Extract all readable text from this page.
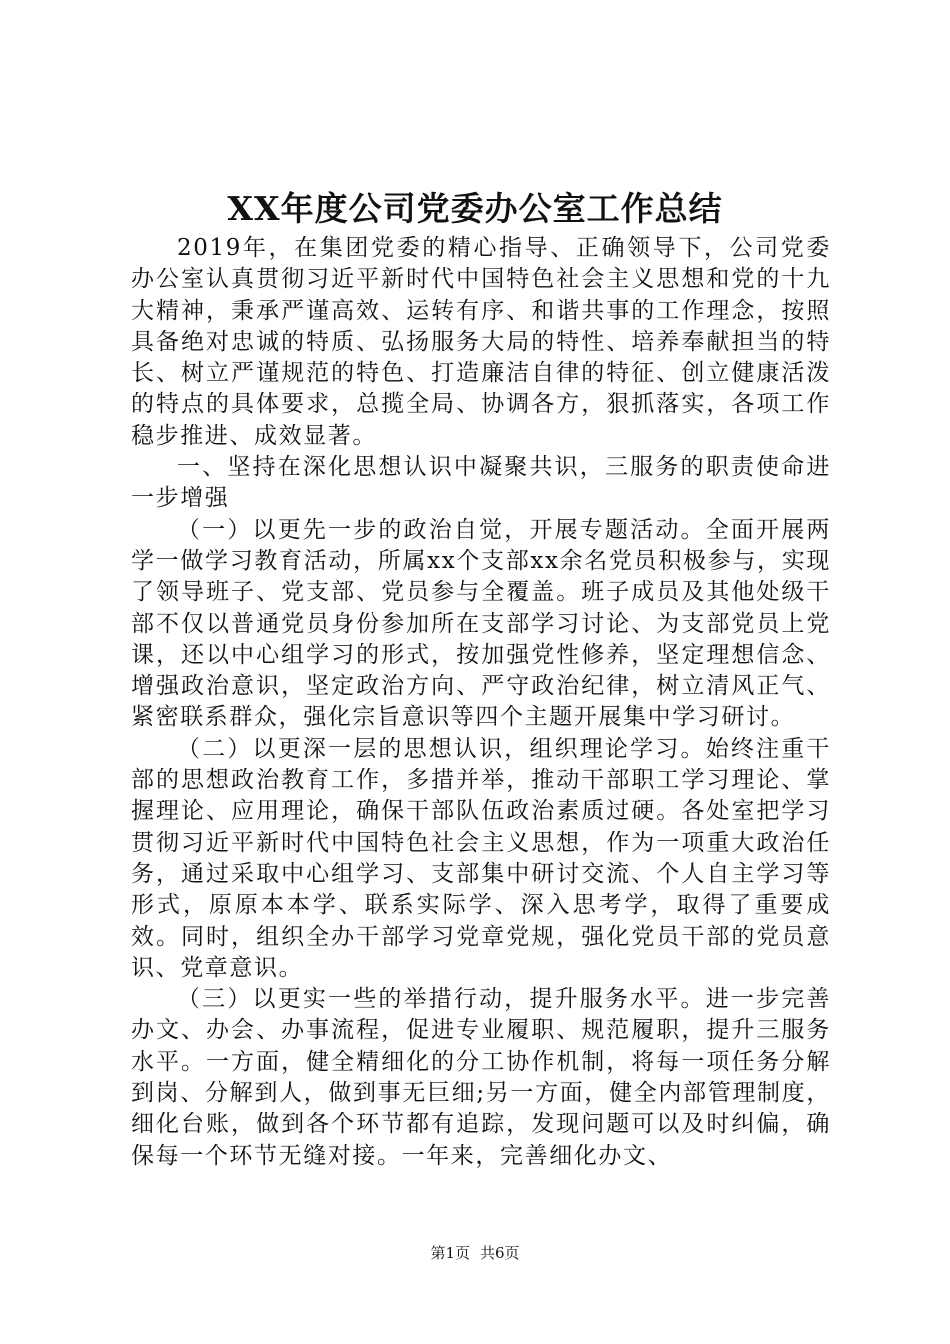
XX年度公司党委办公室工作总结

2019年，在集团党委的精心指导、正确领导下，公司党委办公室认真贯彻习近平新时代中国特色社会主义思想和党的十九大精神，秉承严谨高效、运转有序、和谐共事的工作理念，按照具备绝对忠诚的特质、弘扬服务大局的特性、培养奉献担当的特长、树立严谨规范的特色、打造廉洁自律的特征、创立健康活泼的特点的具体要求，总揽全局、协调各方，狠抓落实，各项工作稳步推进、成效显著。

一、坚持在深化思想认识中凝聚共识，三服务的职责使命进一步增强

（一）以更先一步的政治自觉，开展专题活动。全面开展两学一做学习教育活动，所属xx个支部xx余名党员积极参与，实现了领导班子、党支部、党员参与全覆盖。班子成员及其他处级干部不仅以普通党员身份参加所在支部学习讨论、为支部党员上党课，还以中心组学习的形式，按加强党性修养，坚定理想信念、增强政治意识，坚定政治方向、严守政治纪律，树立清风正气、紧密联系群众，强化宗旨意识等四个主题开展集中学习研讨。

（二）以更深一层的思想认识，组织理论学习。始终注重干部的思想政治教育工作，多措并举，推动干部职工学习理论、掌握理论、应用理论，确保干部队伍政治素质过硬。各处室把学习贯彻习近平新时代中国特色社会主义思想，作为一项重大政治任务，通过采取中心组学习、支部集中研讨交流、个人自主学习等形式，原原本本学、联系实际学、深入思考学，取得了重要成效。同时，组织全办干部学习党章党规，强化党员干部的党员意识、党章意识。

（三）以更实一些的举措行动，提升服务水平。进一步完善办文、办会、办事流程，促进专业履职、规范履职，提升三服务水平。一方面，健全精细化的分工协作机制，将每一项任务分解到岗、分解到人，做到事无巨细;另一方面，健全内部管理制度，细化台账，做到各个环节都有追踪，发现问题可以及时纠偏，确保每一个环节无缝对接。一年来，完善细化办文、

第1页 共6页
